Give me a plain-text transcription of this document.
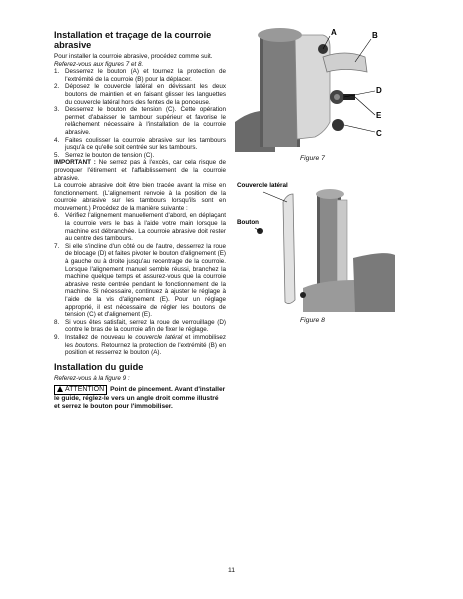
Installation et traçage de la courroie abrasive

Pour installer la courroie abrasive, procédez comme suit. Referez-vous aux figures 7 et 8.

1. Desserrez le bouton (A) et tournez la protection de l'extrémité de la courroie (B) pour la déplacer.
2. Déposez le couvercle latéral en dévissant les deux boutons de maintien et en faisant glisser les languettes du couvercle latéral hors des fentes de la ponceuse.
3. Desserrez le bouton de tension (C). Cette opération permet d'abaisser le tambour supérieur et favorise le relâchement nécessaire à l'installation de la courroie abrasive.
4. Faites coulisser la courroie abrasive sur les tambours jusqu'à ce qu'elle soit centrée sur les tambours.
5. Serrez le bouton de tension (C).

IMPORTANT : Ne serrez pas à l'excès, car cela risque de provoquer l'étirement et l'affaiblissement de la courroie abrasive.

La courroie abrasive doit être bien tracée avant la mise en fonctionnement. (L'alignement renvoie à la position de la courroie abrasive sur les tambours lorsqu'ils sont en mouvement.) Procédez de la manière suivante :

6. Vérifiez l'alignement manuellement d'abord, en déplaçant la courroie vers le bas à l'aide votre main lorsque la machine est débranchée. La courroie abrasive doit rester au centre des tambours.
7. Si elle s'incline d'un côté ou de l'autre, desserrez la roue de blocage (D) et faites pivoter le bouton d'alignement (E) à gauche ou à droite jusqu'au recentrage de la courroie. Lorsque l'alignement manuel semble réussi, branchez la machine quelque temps et assurez-vous que la courroie abrasive reste centrée pendant le fonctionnement de la machine. Si nécessaire, continuez à ajuster le réglage à l'aide de la vis d'alignement (E). Pour un réglage approprié, il est nécessaire de régler les boutons de tension (C) et d'alignement (E).
8. Si vous êtes satisfait, serrez la roue de verrouillage (D) contre le bras de la courroie afin de fixer le réglage.
9. Installez de nouveau le couvercle latéral et immobilisez les boutons. Retournez la protection de l'extrémité (B) en position et resserrez le bouton (A).
Installation du guide

Referez-vous à la figure 9 :

ATTENTION Point de pincement. Avant d'installer le guide, réglez-le vers un angle droit comme illustré et serrez le bouton pour l'immobiliser.

A	B
D
E
C
Figure 7
Couvercle latéral
Bouton
Figure 8
11
